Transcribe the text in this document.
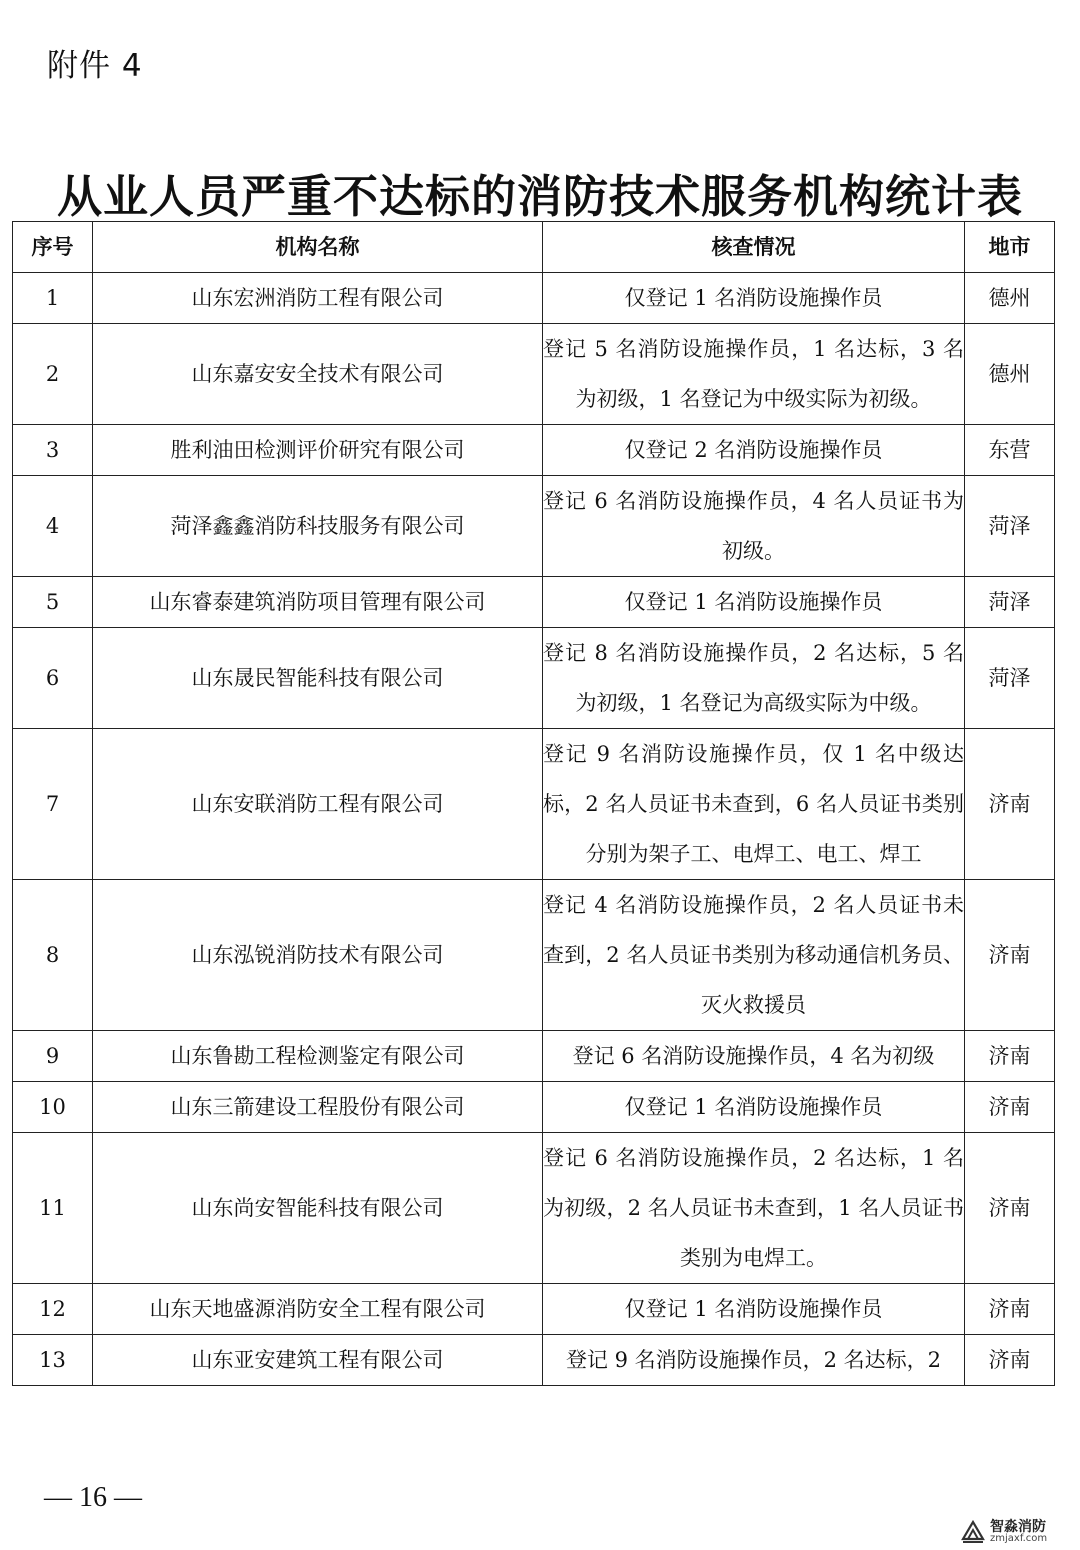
附件 4
从业人员严重不达标的消防技术服务机构统计表
序号	机构名称	核查情况	地市
1	山东宏洲消防工程有限公司	仅登记 1 名消防设施操作员	德州
2	山东嘉安安全技术有限公司	登记 5 名消防设施操作员，1 名达标，3 名为初级，1 名登记为中级实际为初级。	德州
3	胜利油田检测评价研究有限公司	仅登记 2 名消防设施操作员	东营
4	菏泽鑫鑫消防科技服务有限公司	登记 6 名消防设施操作员，4 名人员证书为初级。	菏泽
5	山东睿泰建筑消防项目管理有限公司	仅登记 1 名消防设施操作员	菏泽
6	山东晟民智能科技有限公司	登记 8 名消防设施操作员，2 名达标，5 名为初级，1 名登记为高级实际为中级。	菏泽
7	山东安联消防工程有限公司	登记 9 名消防设施操作员，仅 1 名中级达标，2 名人员证书未查到，6 名人员证书类别分别为架子工、电焊工、电工、焊工	济南
8	山东泓锐消防技术有限公司	登记 4 名消防设施操作员，2 名人员证书未查到，2 名人员证书类别为移动通信机务员、灭火救援员	济南
9	山东鲁勘工程检测鉴定有限公司	登记 6 名消防设施操作员，4 名为初级	济南
10	山东三箭建设工程股份有限公司	仅登记 1 名消防设施操作员	济南
11	山东尚安智能科技有限公司	登记 6 名消防设施操作员，2 名达标，1 名为初级，2 名人员证书未查到，1 名人员证书类别为电焊工。	济南
12	山东天地盛源消防安全工程有限公司	仅登记 1 名消防设施操作员	济南
13	山东亚安建筑工程有限公司	登记 9 名消防设施操作员，2 名达标，2	济南
— 16 —
智淼消防
zmjaxf.com
